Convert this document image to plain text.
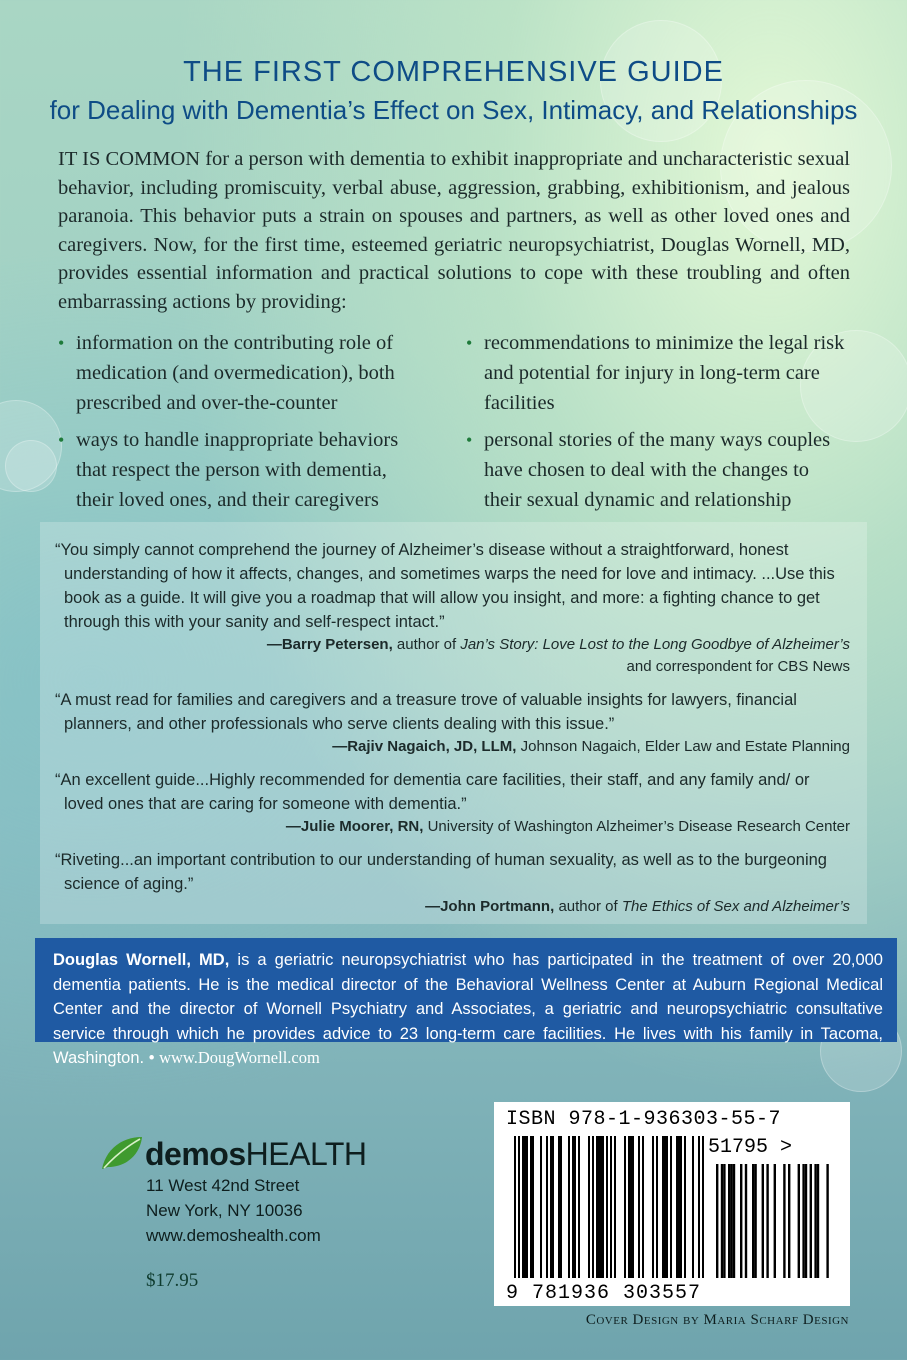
THE FIRST COMPREHENSIVE GUIDE
for Dealing with Dementia’s Effect on Sex, Intimacy, and Relationships
IT IS COMMON for a person with dementia to exhibit inappropriate and uncharacteristic sexual behavior, including promiscuity, verbal abuse, aggression, grabbing, exhibitionism, and jealous paranoia. This behavior puts a strain on spouses and partners, as well as other loved ones and caregivers. Now, for the first time, esteemed geriatric neuropsychiatrist, Douglas Wornell, MD, provides essential information and practical solutions to cope with these troubling and often embarrassing actions by providing:
• information on the contributing role of medication (and overmedication), both prescribed and over-the-counter
• recommendations to minimize the legal risk and potential for injury in long-term care facilities
• ways to handle inappropriate behaviors that respect the person with dementia, their loved ones, and their caregivers
• personal stories of the many ways couples have chosen to deal with the changes to their sexual dynamic and relationship
“You simply cannot comprehend the journey of Alzheimer’s disease without a straightforward, honest understanding of how it affects, changes, and sometimes warps the need for love and intimacy. ...Use this book as a guide. It will give you a roadmap that will allow you insight, and more: a fighting chance to get through this with your sanity and self-respect intact.”
—Barry Petersen, author of Jan’s Story: Love Lost to the Long Goodbye of Alzheimer’s
and correspondent for CBS News
“A must read for families and caregivers and a treasure trove of valuable insights for lawyers, financial planners, and other professionals who serve clients dealing with this issue.”
—Rajiv Nagaich, JD, LLM, Johnson Nagaich, Elder Law and Estate Planning
“An excellent guide...Highly recommended for dementia care facilities, their staff, and any family and/ or loved ones that are caring for someone with dementia.”
—Julie Moorer, RN, University of Washington Alzheimer’s Disease Research Center
“Riveting...an important contribution to our understanding of human sexuality, as well as to the burgeoning science of aging.”
—John Portmann, author of The Ethics of Sex and Alzheimer’s
Douglas Wornell, MD, is a geriatric neuropsychiatrist who has participated in the treatment of over 20,000 dementia patients. He is the medical director of the Behavioral Wellness Center at Auburn Regional Medical Center and the director of Wornell Psychiatry and Associates, a geriatric and neuropsychiatric consultative service through which he provides advice to 23 long-term care facilities. He lives with his family in Tacoma, Washington. • www.DougWornell.com
demosHEALTH
11 West 42nd Street
New York, NY 10036
www.demoshealth.com
$17.95
ISBN 978-1-936303-55-7
51795 >
9 781936 303557
Cover Design by Maria Scharf Design
